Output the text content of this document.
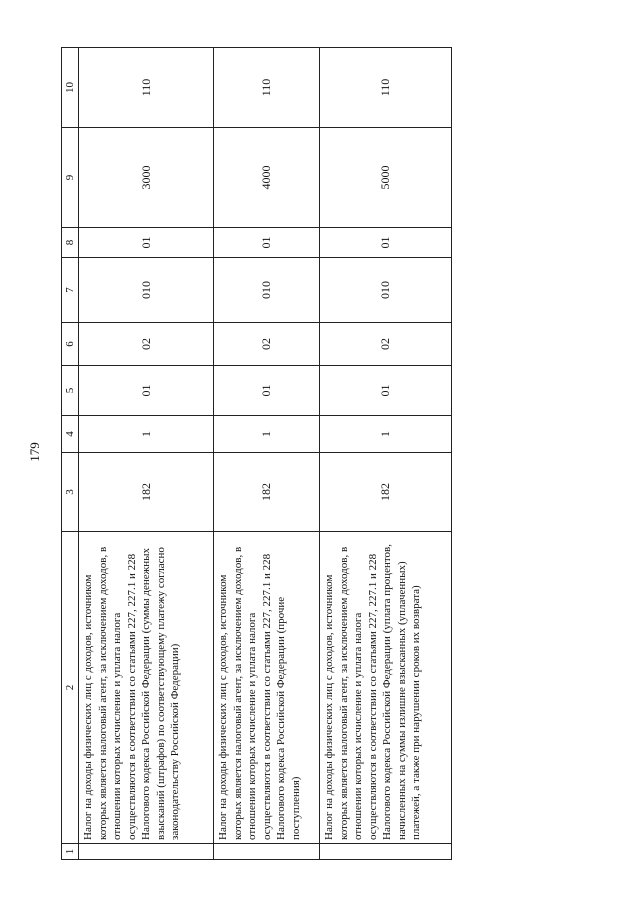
179
1	2	3	4	5	6	7	8	9	10
	Налог на доходы физических лиц с доходов, источником которых является налоговый агент, за исключением доходов, в отношении которых исчисление и уплата налога осуществляются в соответствии со статьями 227, 227.1 и 228 Налогового кодекса Российской Федерации (суммы денежных взысканий (штрафов) по соответствующему платежу согласно законодательству Российской Федерации)	182	1	01	02	010	01	3000	110
	Налог на доходы физических лиц с доходов, источником которых является налоговый агент, за исключением доходов, в отношении которых исчисление и уплата налога осуществляются в соответствии со статьями 227, 227.1 и 228 Налогового кодекса Российской Федерации (прочие поступления)	182	1	01	02	010	01	4000	110
	Налог на доходы физических лиц с доходов, источником которых является налоговый агент, за исключением доходов, в отношении которых исчисление и уплата налога осуществляются в соответствии со статьями 227, 227.1 и 228 Налогового кодекса Российской Федерации (уплата процентов, начисленных на суммы излишне взысканных (уплаченных) платежей, а также при нарушении сроков их возврата)	182	1	01	02	010	01	5000	110
